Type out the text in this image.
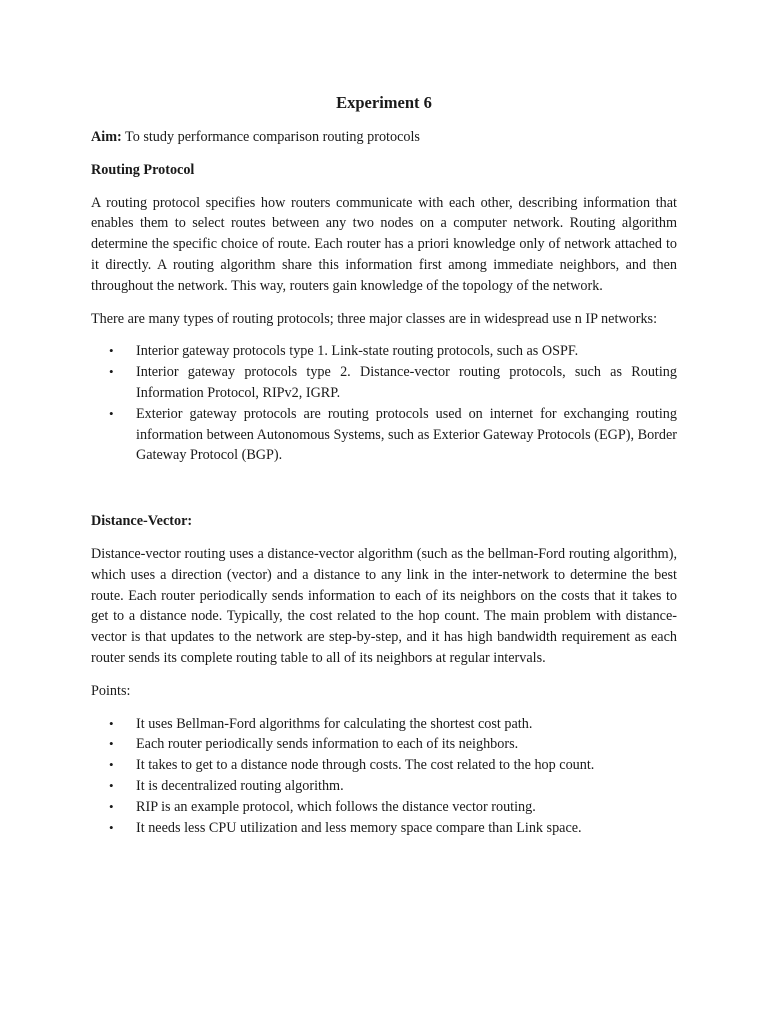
Experiment 6
Aim: To study performance comparison routing protocols
Routing Protocol

A routing protocol specifies how routers communicate with each other, describing information that enables them to select routes between any two nodes on a computer network. Routing algorithm determine the specific choice of route. Each router has a priori knowledge only of network attached to it directly. A routing algorithm share this information first among immediate neighbors, and then throughout the network. This way, routers gain knowledge of the topology of the network.

There are many types of routing protocols; three major classes are in widespread use n IP networks:

• Interior gateway protocols type 1. Link-state routing protocols, such as OSPF.
• Interior gateway protocols type 2. Distance-vector routing protocols, such as Routing Information Protocol, RIPv2, IGRP.
• Exterior gateway protocols are routing protocols used on internet for exchanging routing information between Autonomous Systems, such as Exterior Gateway Protocols (EGP), Border Gateway Protocol (BGP).
Distance-Vector:

Distance-vector routing uses a distance-vector algorithm (such as the bellman-Ford routing algorithm), which uses a direction (vector) and a distance to any link in the inter-network to determine the best route. Each router periodically sends information to each of its neighbors on the costs that it takes to get to a distance node. Typically, the cost related to the hop count. The main problem with distance-vector is that updates to the network are step-by-step, and it has high bandwidth requirement as each router sends its complete routing table to all of its neighbors at regular intervals.

Points:

• It uses Bellman-Ford algorithms for calculating the shortest cost path.
• Each router periodically sends information to each of its neighbors.
• It takes to get to a distance node through costs. The cost related to the hop count.
• It is decentralized routing algorithm.
• RIP is an example protocol, which follows the distance vector routing.
• It needs less CPU utilization and less memory space compare than Link space.
